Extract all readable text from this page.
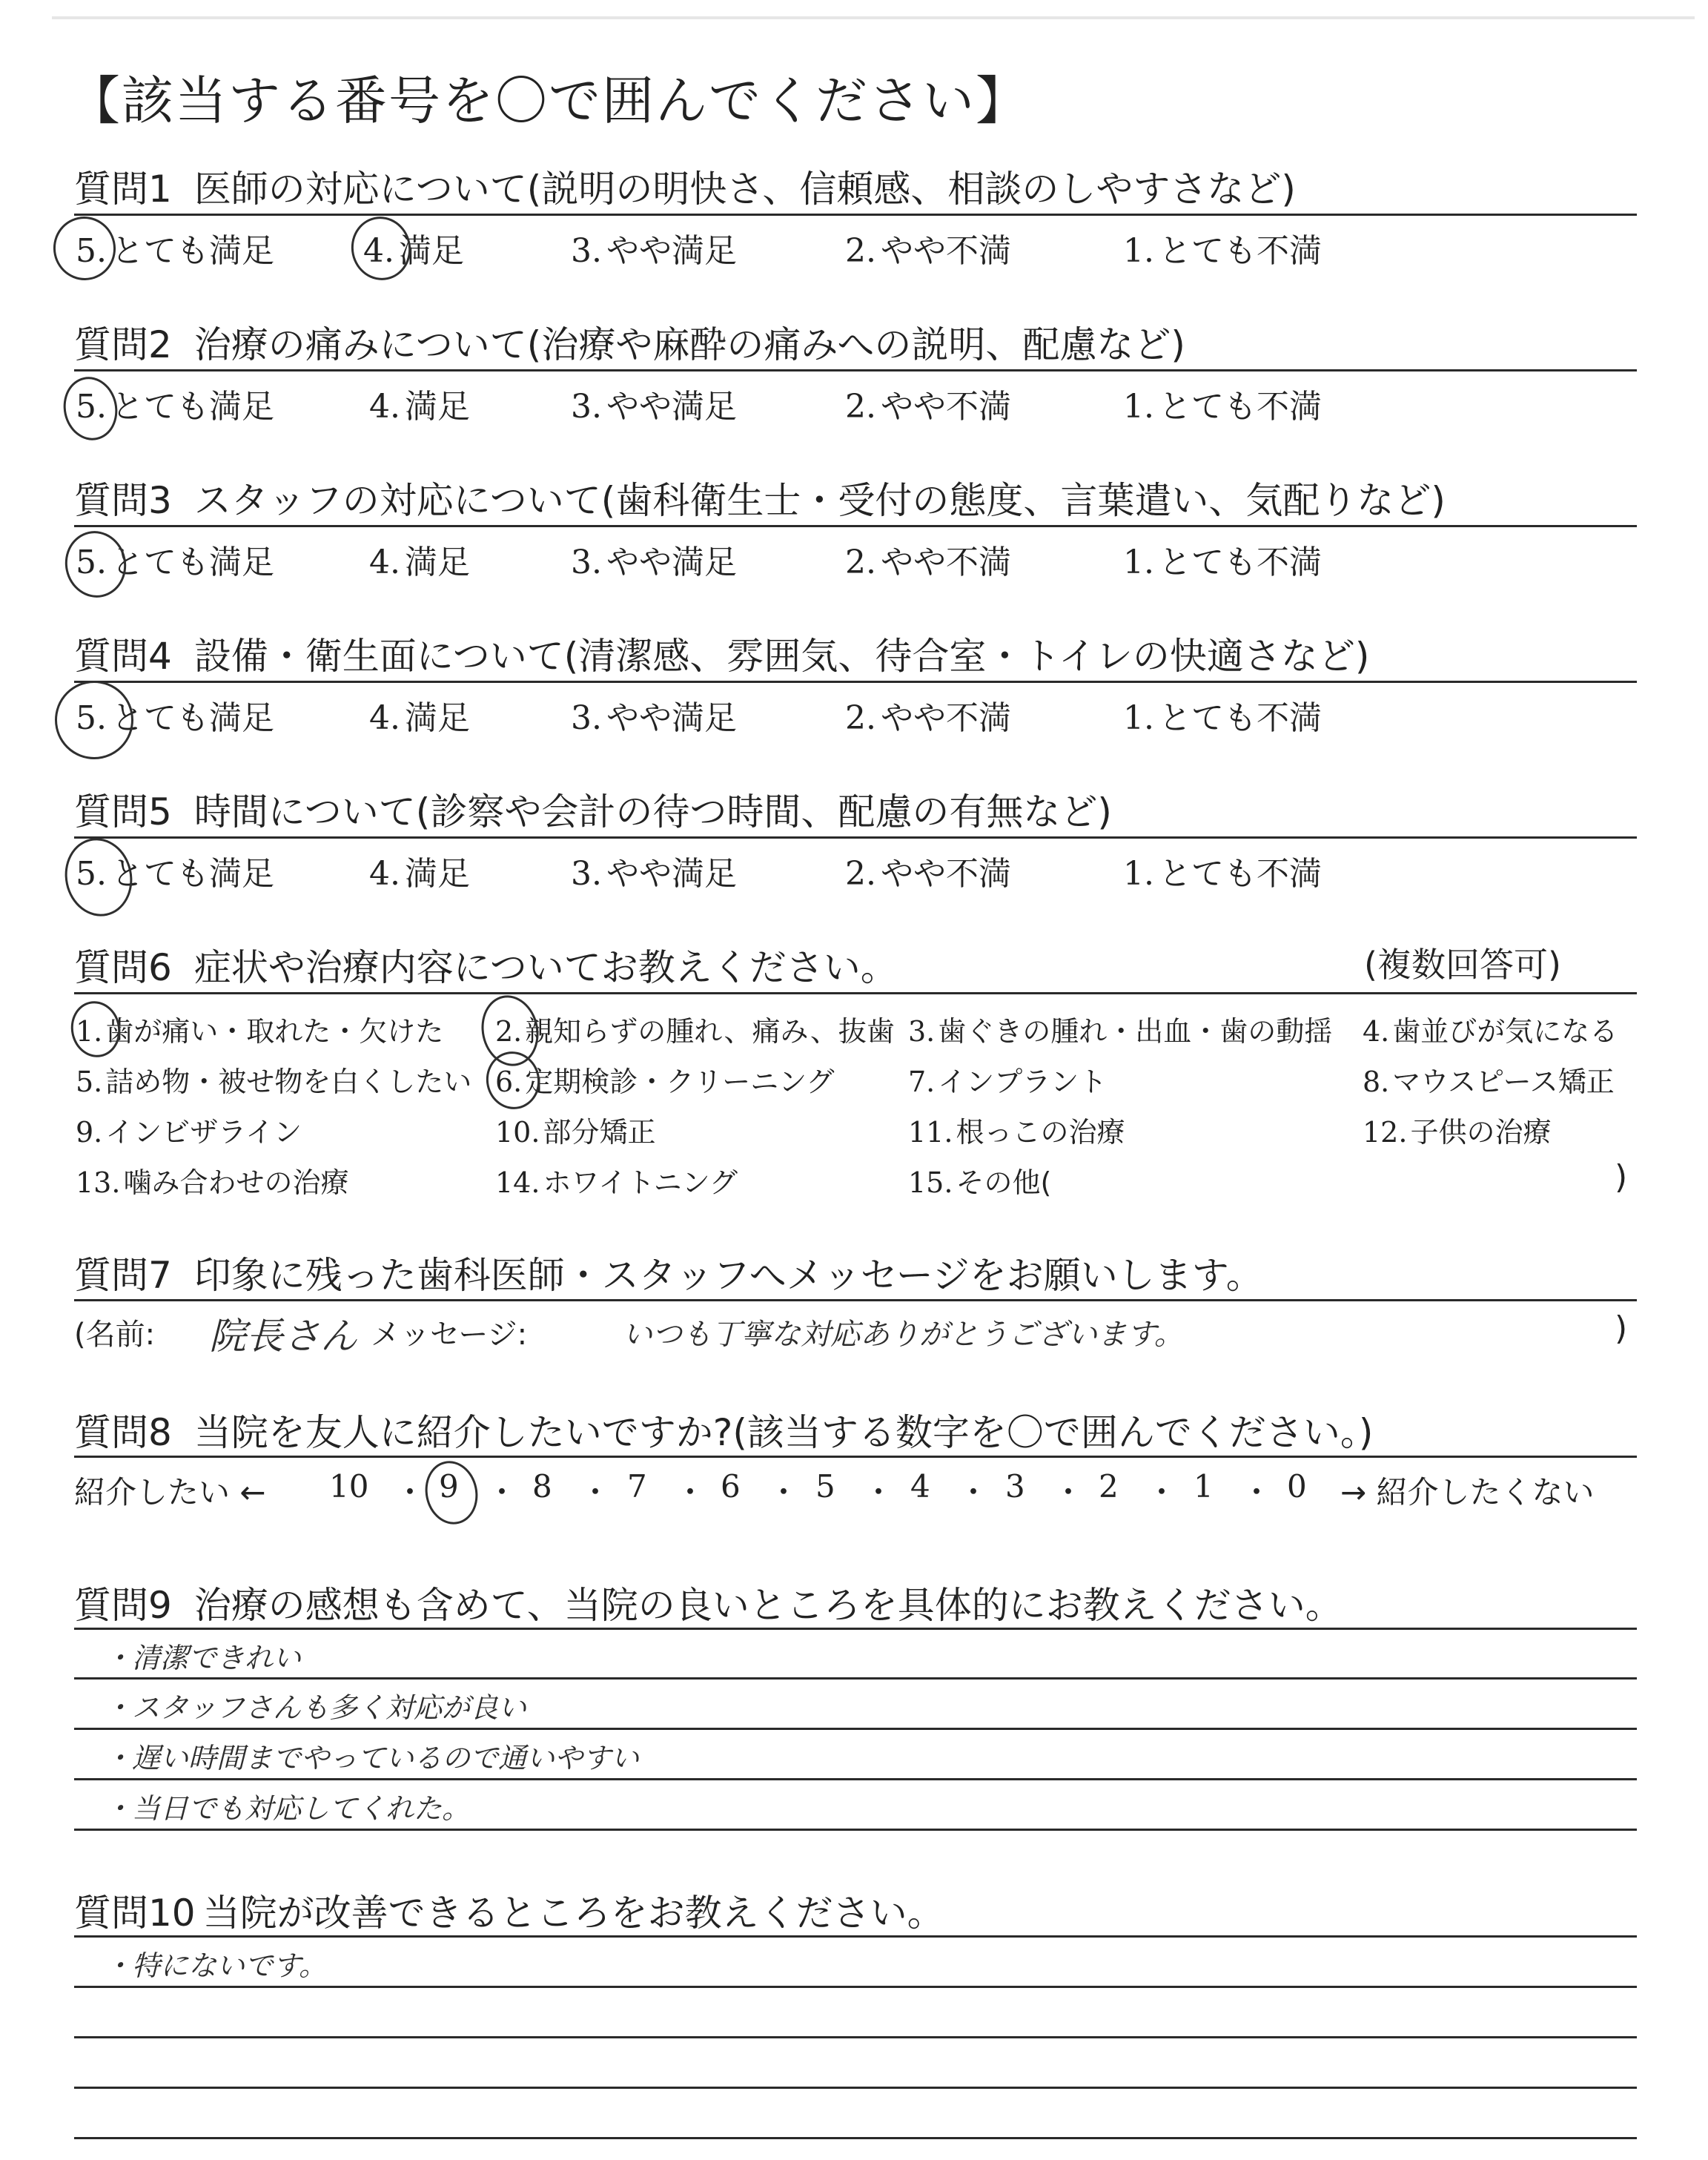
【該当する番号を〇で囲んでください】
質問1 医師の対応について(説明の明快さ、信頼感、相談のしやすさなど)
5. とても満足	4. 満足	3. やや満足	2. やや不満	1. とても不満
質問2 治療の痛みについて(治療や麻酔の痛みへの説明、配慮など)
5. とても満足	4. 満足	3. やや満足	2. やや不満	1. とても不満
質問3 スタッフの対応について(歯科衛生士・受付の態度、言葉遣い、気配りなど)
5. とても満足	4. 満足	3. やや満足	2. やや不満	1. とても不満
質問4 設備・衛生面について(清潔感、雰囲気、待合室・トイレの快適さなど)
5. とても満足	4. 満足	3. やや満足	2. やや不満	1. とても不満
質問5 時間について(診察や会計の待つ時間、配慮の有無など)
5. とても満足	4. 満足	3. やや満足	2. やや不満	1. とても不満
質問6 症状や治療内容についてお教えください。	(複数回答可)
1. 歯が痛い・取れた・欠けた 2. 親知らずの腫れ、痛み、抜歯 3. 歯ぐきの腫れ・出血・歯の動揺 4. 歯並びが気になる
5. 詰め物・被せ物を白くしたい 6. 定期検診・クリーニング	7. インプラント	8. マウスピース矯正
9. インビザライン	10. 部分矯正	11. 根っこの治療	12. 子供の治療
13. 噛み合わせの治療	14. ホワイトニング	15. その他(	)
質問7 印象に残った歯科医師・スタッフへメッセージをお願いします。
(名前: 院長さん メッセージ:	いつも丁寧な対応ありがとうございます。	)
質問8 当院を友人に紹介したいですか?(該当する数字を〇で囲んでください。)
紹介したい ← 10 ・ 9 ・ 8 ・ 7 ・ 6 ・ 5 ・ 4 ・ 3 ・ 2 ・ 1 ・ 0 → 紹介したくない
質問9 治療の感想も含めて、当院の良いところを具体的にお教えください。
・清潔できれい
・スタッフさんも多く対応が良い
・遅い時間までやっているので通いやすい
・当日でも対応してくれた。
質問10 当院が改善できるところをお教えください。
・特にないです。
